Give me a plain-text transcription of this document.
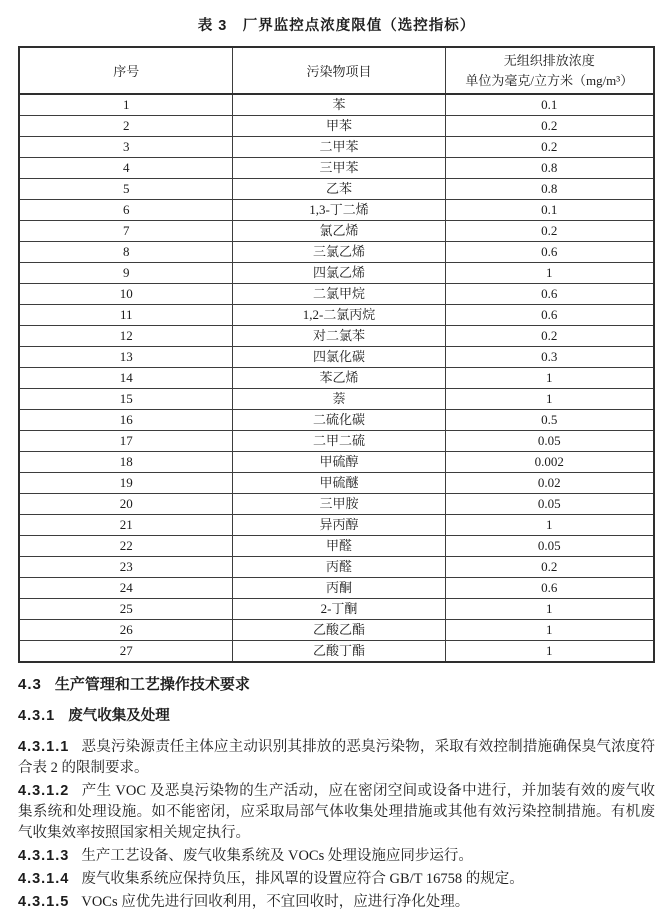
表 3　厂界监控点浓度限值（选控指标）
序号	污染物项目	无组织排放浓度
单位为毫克/立方米（mg/m³）

1	苯	0.1
2	甲苯	0.2
3	二甲苯	0.2
4	三甲苯	0.8
5	乙苯	0.8
6	1,3-丁二烯	0.1
7	氯乙烯	0.2
8	三氯乙烯	0.6
9	四氯乙烯	1
10	二氯甲烷	0.6
11	1,2-二氯丙烷	0.6
12	对二氯苯	0.2
13	四氯化碳	0.3
14	苯乙烯	1
15	萘	1
16	二硫化碳	0.5
17	二甲二硫	0.05
18	甲硫醇	0.002
19	甲硫醚	0.02
20	三甲胺	0.05
21	异丙醇	1
22	甲醛	0.05
23	丙醛	0.2
24	丙酮	0.6
25	2-丁酮	1
26	乙酸乙酯	1
27	乙酸丁酯	1
4.3 生产管理和工艺操作技术要求
4.3.1 废气收集及处理

4.3.1.1 恶臭污染源责任主体应主动识别其排放的恶臭污染物，采取有效控制措施确保臭气浓度符合表 2 的限制要求。

4.3.1.2 产生 VOC 及恶臭污染物的生产活动，应在密闭空间或设备中进行，并加装有效的废气收集系统和处理设施。如不能密闭，应采取局部气体收集处理措施或其他有效污染控制措施。有机废气收集效率按照国家相关规定执行。

4.3.1.3 生产工艺设备、废气收集系统及 VOCs 处理设施应同步运行。

4.3.1.4 废气收集系统应保持负压，排风罩的设置应符合 GB/T 16758 的规定。

4.3.1.5 VOCs 应优先进行回收利用，不宜回收时，应进行净化处理。
